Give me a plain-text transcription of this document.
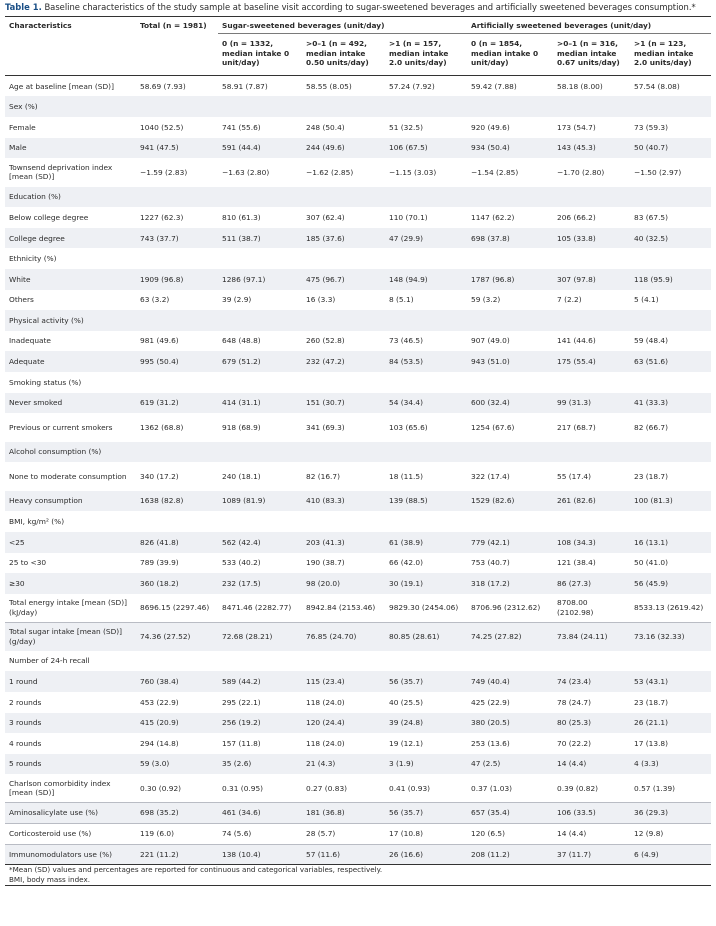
Table 1. Baseline characteristics of the study sample at baseline visit according to sugar-sweetened beverages and artificially sweetened beverages consumption.*
Characteristics	Total (n = 1981)	Sugar-sweetened beverages (unit/day)			Artificially sweetened beverages (unit/day)		
		0 (n = 1332, median intake 0 unit/day)	>0–1 (n = 492, median intake 0.50 units/day)	>1 (n = 157, median intake 2.0 units/day)	0 (n = 1854, median intake 0 unit/day)	>0–1 (n = 316, median intake 0.67 units/day)	>1 (n = 123, median intake 2.0 units/day)
Age at baseline [mean (SD)]	58.69 (7.93)	58.91 (7.87)	58.55 (8.05)	57.24 (7.92)	59.42 (7.88)	58.18 (8.00)	57.54 (8.08)
Sex (%)							
Female	1040 (52.5)	741 (55.6)	248 (50.4)	51 (32.5)	920 (49.6)	173 (54.7)	73 (59.3)
Male	941 (47.5)	591 (44.4)	244 (49.6)	106 (67.5)	934 (50.4)	143 (45.3)	50 (40.7)
Townsend deprivation index [mean (SD)]	−1.59 (2.83)	−1.63 (2.80)	−1.62 (2.85)	−1.15 (3.03)	−1.54 (2.85)	−1.70 (2.80)	−1.50 (2.97)
Education (%)							
Below college degree	1227 (62.3)	810 (61.3)	307 (62.4)	110 (70.1)	1147 (62.2)	206 (66.2)	83 (67.5)
College degree	743 (37.7)	511 (38.7)	185 (37.6)	47 (29.9)	698 (37.8)	105 (33.8)	40 (32.5)
Ethnicity (%)							
White	1909 (96.8)	1286 (97.1)	475 (96.7)	148 (94.9)	1787 (96.8)	307 (97.8)	118 (95.9)
Others	63 (3.2)	39 (2.9)	16 (3.3)	8 (5.1)	59 (3.2)	7 (2.2)	5 (4.1)
Physical activity (%)							
Inadequate	981 (49.6)	648 (48.8)	260 (52.8)	73 (46.5)	907 (49.0)	141 (44.6)	59 (48.4)
Adequate	995 (50.4)	679 (51.2)	232 (47.2)	84 (53.5)	943 (51.0)	175 (55.4)	63 (51.6)
Smoking status (%)							
Never smoked	619 (31.2)	414 (31.1)	151 (30.7)	54 (34.4)	600 (32.4)	99 (31.3)	41 (33.3)
Previous or current smokers	1362 (68.8)	918 (68.9)	341 (69.3)	103 (65.6)	1254 (67.6)	217 (68.7)	82 (66.7)
Alcohol consumption (%)							
None to moderate consumption	340 (17.2)	240 (18.1)	82 (16.7)	18 (11.5)	322 (17.4)	55 (17.4)	23 (18.7)
Heavy consumption	1638 (82.8)	1089 (81.9)	410 (83.3)	139 (88.5)	1529 (82.6)	261 (82.6)	100 (81.3)
BMI, kg/m² (%)							
<25	826 (41.8)	562 (42.4)	203 (41.3)	61 (38.9)	779 (42.1)	108 (34.3)	16 (13.1)
25 to <30	789 (39.9)	533 (40.2)	190 (38.7)	66 (42.0)	753 (40.7)	121 (38.4)	50 (41.0)
≥30	360 (18.2)	232 (17.5)	98 (20.0)	30 (19.1)	318 (17.2)	86 (27.3)	56 (45.9)
Total energy intake [mean (SD)] (kJ/day)	8696.15 (2297.46)	8471.46 (2282.77)	8942.84 (2153.46)	9829.30 (2454.06)	8706.96 (2312.62)	8708.00 (2102.98)	8533.13 (2619.42)
Total sugar intake [mean (SD)] (g/day)	74.36 (27.52)	72.68 (28.21)	76.85 (24.70)	80.85 (28.61)	74.25 (27.82)	73.84 (24.11)	73.16 (32.33)
Number of 24-h recall							
1 round	760 (38.4)	589 (44.2)	115 (23.4)	56 (35.7)	749 (40.4)	74 (23.4)	53 (43.1)
2 rounds	453 (22.9)	295 (22.1)	118 (24.0)	40 (25.5)	425 (22.9)	78 (24.7)	23 (18.7)
3 rounds	415 (20.9)	256 (19.2)	120 (24.4)	39 (24.8)	380 (20.5)	80 (25.3)	26 (21.1)
4 rounds	294 (14.8)	157 (11.8)	118 (24.0)	19 (12.1)	253 (13.6)	70 (22.2)	17 (13.8)
5 rounds	59 (3.0)	35 (2.6)	21 (4.3)	3 (1.9)	47 (2.5)	14 (4.4)	4 (3.3)
Charlson comorbidity index [mean (SD)]	0.30 (0.92)	0.31 (0.95)	0.27 (0.83)	0.41 (0.93)	0.37 (1.03)	0.39 (0.82)	0.57 (1.39)
Aminosalicylate use (%)	698 (35.2)	461 (34.6)	181 (36.8)	56 (35.7)	657 (35.4)	106 (33.5)	36 (29.3)
Corticosteroid use (%)	119 (6.0)	74 (5.6)	28 (5.7)	17 (10.8)	120 (6.5)	14 (4.4)	12 (9.8)
Immunomodulators use (%)	221 (11.2)	138 (10.4)	57 (11.6)	26 (16.6)	208 (11.2)	37 (11.7)	6 (4.9)

*Mean (SD) values and percentages are reported for continuous and categorical variables, respectively.
BMI, body mass index.							
